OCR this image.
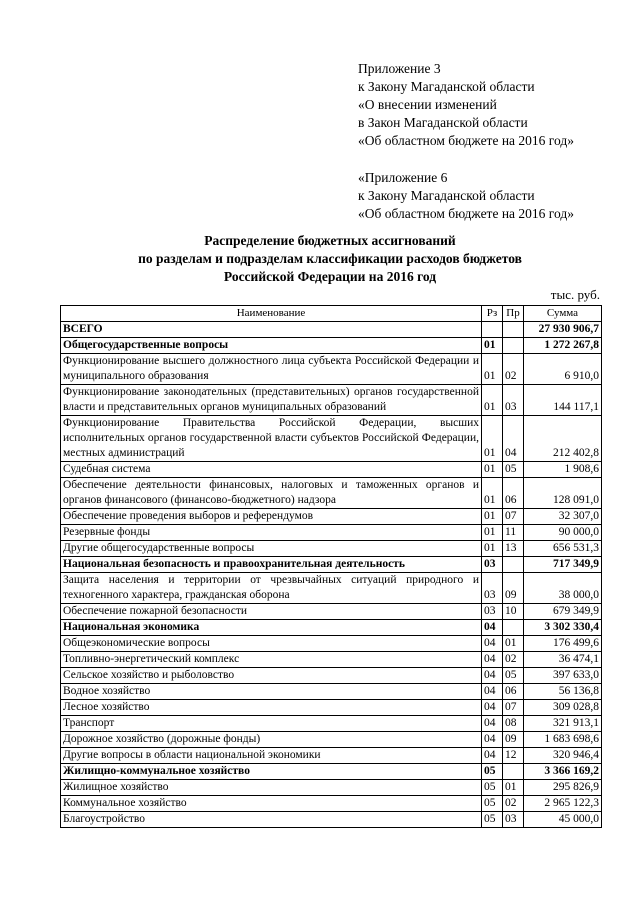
Приложение 3
к Закону Магаданской области
«О внесении изменений
в Закон Магаданской области
«Об областном бюджете на 2016 год»
«Приложение 6
к Закону Магаданской области
«Об областном бюджете на 2016 год»
Распределение бюджетных ассигнований
по разделам и подразделам классификации расходов бюджетов
Российской Федерации на 2016 год
тыс. руб.
Наименование	Рз	Пр	Сумма
ВСЕГО			27 930 906,7
Общегосударственные вопросы	01		1 272 267,8
Функционирование высшего должностного лица субъекта Российской Федерации и муниципального образования	01	02	6 910,0
Функционирование законодательных (представительных) органов государственной власти и представительных органов муниципальных образований	01	03	144 117,1
Функционирование Правительства Российской Федерации, высших исполнительных органов государственной власти субъектов Российской Федерации, местных администраций	01	04	212 402,8
Судебная система	01	05	1 908,6
Обеспечение деятельности финансовых, налоговых и таможенных органов и органов финансового (финансово-бюджетного) надзора	01	06	128 091,0
Обеспечение проведения выборов и референдумов	01	07	32 307,0
Резервные фонды	01	11	90 000,0
Другие общегосударственные вопросы	01	13	656 531,3
Национальная безопасность и правоохранительная деятельность	03		717 349,9
Защита населения и территории от чрезвычайных ситуаций природного и техногенного характера, гражданская оборона	03	09	38 000,0
Обеспечение пожарной безопасности	03	10	679 349,9
Национальная экономика	04		3 302 330,4
Общеэкономические вопросы	04	01	176 499,6
Топливно-энергетический комплекс	04	02	36 474,1
Сельское хозяйство и рыболовство	04	05	397 633,0
Водное хозяйство	04	06	56 136,8
Лесное хозяйство	04	07	309 028,8
Транспорт	04	08	321 913,1
Дорожное хозяйство (дорожные фонды)	04	09	1 683 698,6
Другие вопросы в области национальной экономики	04	12	320 946,4
Жилищно-коммунальное хозяйство	05		3 366 169,2
Жилищное хозяйство	05	01	295 826,9
Коммунальное хозяйство	05	02	2 965 122,3
Благоустройство	05	03	45 000,0
